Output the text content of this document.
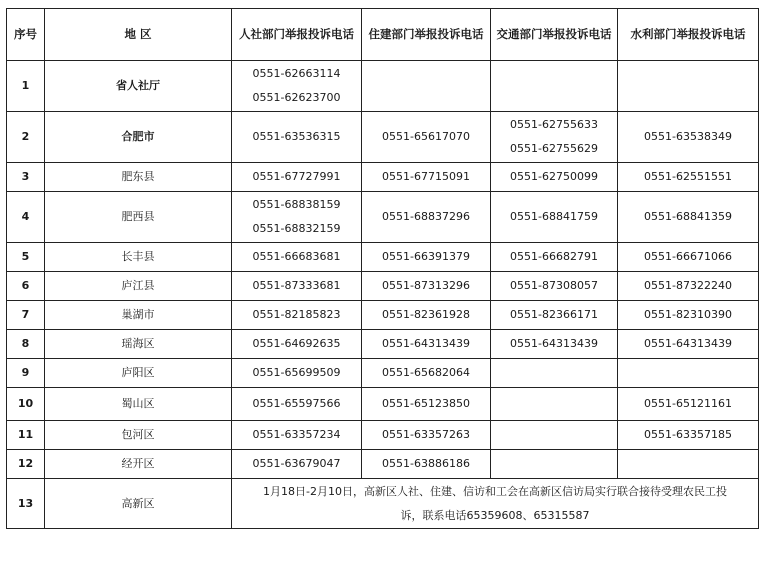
序号	地 区	人社部门举报投诉电话	住建部门举报投诉电话	交通部门举报投诉电话	水利部门举报投诉电话
1	省人社厅	0551-62663114
0551-62623700			

2	合肥市	0551-63536315	0551-65617070	0551-62755633
0551-62755629	0551-63538349

3	肥东县	0551-67727991	0551-67715091	0551-62750099	0551-62551551

4	肥西县	0551-68838159
0551-68832159	0551-68837296	0551-68841759	0551-68841359

5	长丰县	0551-66683681	0551-66391379	0551-66682791	0551-66671066

6	庐江县	0551-87333681	0551-87313296	0551-87308057	0551-87322240

7	巢湖市	0551-82185823	0551-82361928	0551-82366171	0551-82310390

8	瑶海区	0551-64692635	0551-64313439	0551-64313439	0551-64313439

9	庐阳区	0551-65699509	0551-65682064		

10	蜀山区	0551-65597566	0551-65123850		0551-65121161

11	包河区	0551-63357234	0551-63357263		0551-63357185

12	经开区	0551-63679047	0551-63886186		

13	高新区	1月18日-2月10日，高新区人社、住建、信访和工会在高新区信访局实行联合接待受理农民工投
诉，联系电话65359608、65315587			
